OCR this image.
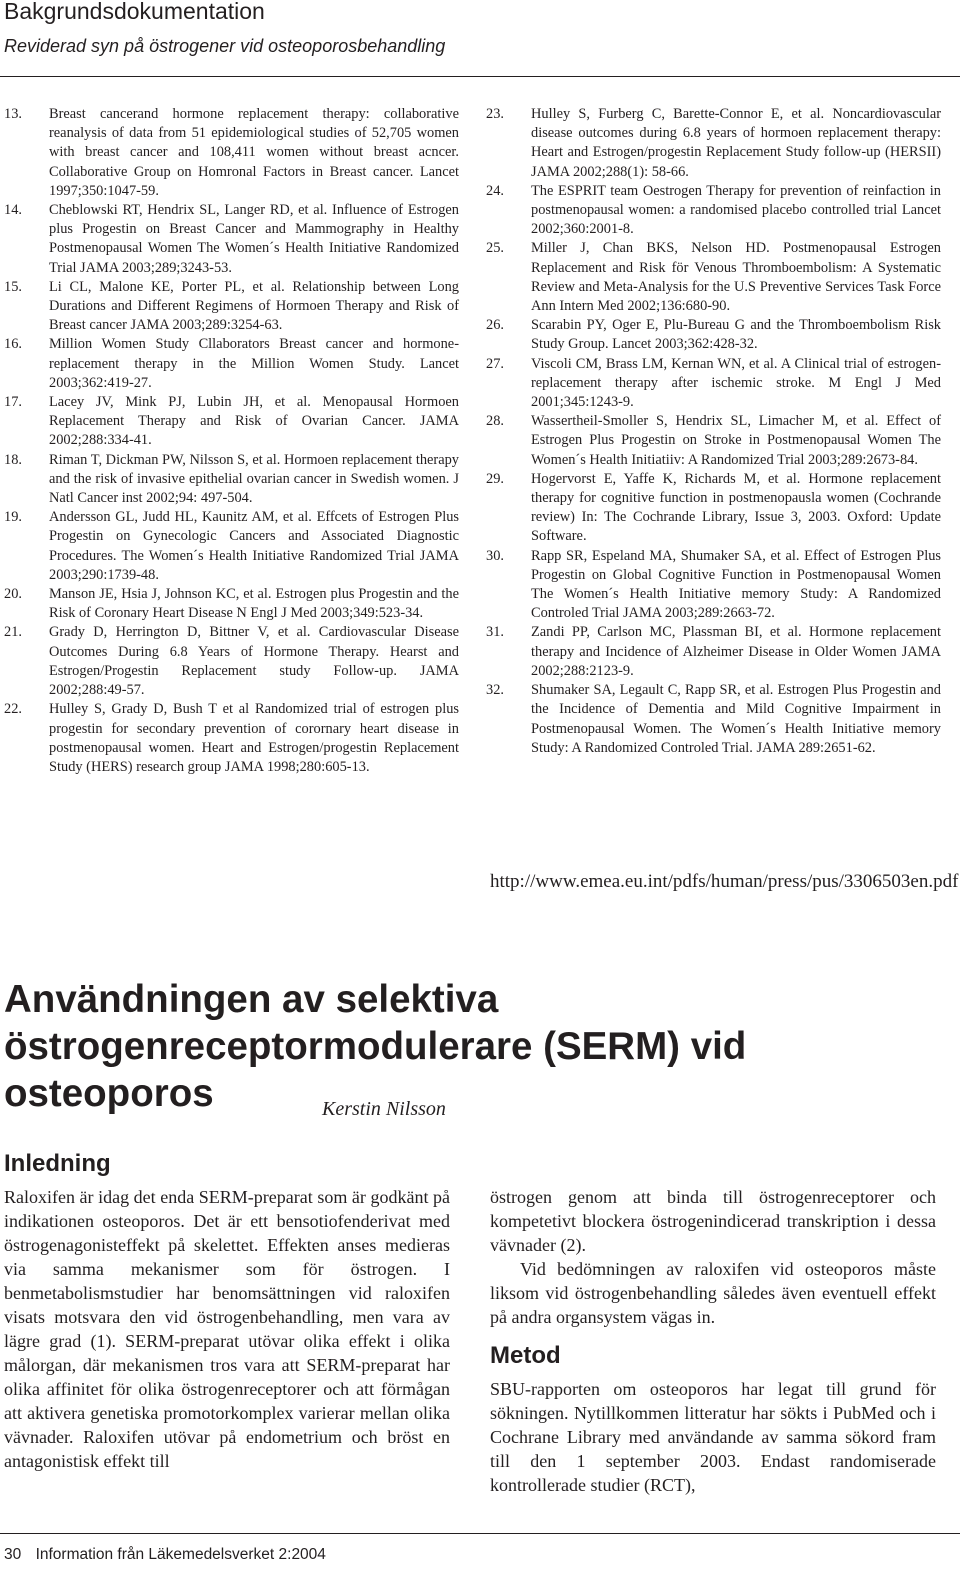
Bakgrundsdokumentation
Reviderad syn på östrogener vid osteoporosbehandling
13. Breast cancerand hormone replacement therapy: collaborative reanalysis of data from 51 epidemiological studies of 52,705 women with breast cancer and 108,411 women without breast acncer. Collaborative Group on Homronal Factors in Breast cancer. Lancet 1997;350:1047-59.
14. Cheblowski RT, Hendrix SL, Langer RD, et al. Influence of Estrogen plus Progestin on Breast Cancer and Mammography in Healthy Postmenopausal Women The Women´s Health Initiative Randomized Trial JAMA 2003;289;3243-53.
15. Li CL, Malone KE, Porter PL, et al. Relationship between Long Durations and Different Regimens of Hormoen Therapy and Risk of Breast cancer JAMA 2003;289:3254-63.
16. Million Women Study Cllaborators Breast cancer and hormone-replacement therapy in the Million Women Study. Lancet 2003;362:419-27.
17. Lacey JV, Mink PJ, Lubin JH, et al. Menopausal Hormoen Replacement Therapy and Risk of Ovarian Cancer. JAMA 2002;288:334-41.
18. Riman T, Dickman PW, Nilsson S, et al. Hormoen replacement therapy and the risk of invasive epithelial ovarian cancer in Swedish women. J Natl Cancer inst 2002;94: 497-504.
19. Andersson GL, Judd HL, Kaunitz AM, et al. Effcets of Estrogen Plus Progestin on Gynecologic Cancers and Associated Diagnostic Procedures. The Women´s Health Initiative Randomized Trial JAMA 2003;290:1739-48.
20. Manson JE, Hsia J, Johnson KC, et al. Estrogen plus Progestin and the Risk of Coronary Heart Disease N Engl J Med 2003;349:523-34.
21. Grady D, Herrington D, Bittner V, et al. Cardiovascular Disease Outcomes During 6.8 Years of Hormone Therapy. Hearst and Estrogen/Progestin Replacement study Follow-up. JAMA 2002;288:49-57.
22. Hulley S, Grady D, Bush T et al Randomized trial of estrogen plus progestin for secondary prevention of corornary heart disease in postmenopausal women. Heart and Estrogen/progestin Replacement Study (HERS) research group JAMA 1998;280:605-13.
23. Hulley S, Furberg C, Barette-Connor E, et al. Noncardiovascular disease outcomes during 6.8 years of hormoen replacement therapy: Heart and Estrogen/progestin Replacement Study follow-up (HERSII) JAMA 2002;288(1): 58-66.
24. The ESPRIT team Oestrogen Therapy for prevention of reinfaction in postmenopausal women: a randomised placebo controlled trial Lancet 2002;360:2001-8.
25. Miller J, Chan BKS, Nelson HD. Postmenopausal Estrogen Replacement and Risk för Venous Thromboembolism: A Systematic Review and Meta-Analysis for the U.S Preventive Services Task Force Ann Intern Med 2002;136:680-90.
26. Scarabin PY, Oger E, Plu-Bureau G and the Thromboembolism Risk Study Group. Lancet 2003;362:428-32.
27. Viscoli CM, Brass LM, Kernan WN, et al. A Clinical trial of estrogen-replacement therapy after ischemic stroke. M Engl J Med 2001;345:1243-9.
28. Wassertheil-Smoller S, Hendrix SL, Limacher M, et al. Effect of Estrogen Plus Progestin on Stroke in Postmenopausal Women The Women´s Health Initiatiiv: A Randomized Trial 2003;289:2673-84.
29. Hogervorst E, Yaffe K, Richards M, et al. Hormone replacement therapy for cognitive function in postmenopausla women (Cochrande review) In: The Cochrande Library, Issue 3, 2003. Oxford: Update Software.
30. Rapp SR, Espeland MA, Shumaker SA, et al. Effect of Estrogen Plus Progestin on Global Cognitive Function in Postmenopausal Women The Women´s Health Initiative memory Study: A Randomized Controled Trial JAMA 2003;289:2663-72.
31. Zandi PP, Carlson MC, Plassman BI, et al. Hormone replacement therapy and Incidence of Alzheimer Disease in Older Women JAMA 2002;288:2123-9.
32. Shumaker SA, Legault C, Rapp SR, et al. Estrogen Plus Progestin and the Incidence of Dementia and Mild Cognitive Impairment in Postmenopausal Women. The Women´s Health Initiative memory Study: A Randomized Controled Trial. JAMA 289:2651-62.
http://www.emea.eu.int/pdfs/human/press/pus/3306503en.pdf
Användningen av selektiva östrogenreceptormodulerare (SERM) vid osteoporos	Kerstin Nilsson
Inledning

Raloxifen är idag det enda SERM-preparat som är godkänt på indikationen osteoporos. Det är ett bensotiofenderivat med östrogenagonisteffekt på skelettet. Effekten anses medieras via samma mekanismer som för östrogen. I benmetabolismstudier har benomsättningen vid raloxifen visats motsvara den vid östrogenbehandling, men vara av lägre grad (1). SERM-preparat utövar olika effekt i olika målorgan, där mekanismen tros vara att SERM-preparat har olika affinitet för olika östrogenreceptorer och att förmågan att aktivera genetiska promotorkomplex varierar mellan olika vävnader. Raloxifen utövar på endometrium och bröst en antagonistisk effekt till

östrogen genom att binda till östrogenreceptorer och kompetetivt blockera östrogenindicerad transkription i dessa vävnader (2).

Vid bedömningen av raloxifen vid osteoporos måste liksom vid östrogenbehandling således även eventuell effekt på andra organsystem vägas in.

Metod

SBU-rapporten om osteoporos har legat till grund för sökningen. Nytillkommen litteratur har sökts i PubMed och i Cochrane Library med användande av samma sökord fram till den 1 september 2003. Endast randomiserade kontrollerade studier (RCT),

30 Information från Läkemedelsverket 2:2004
